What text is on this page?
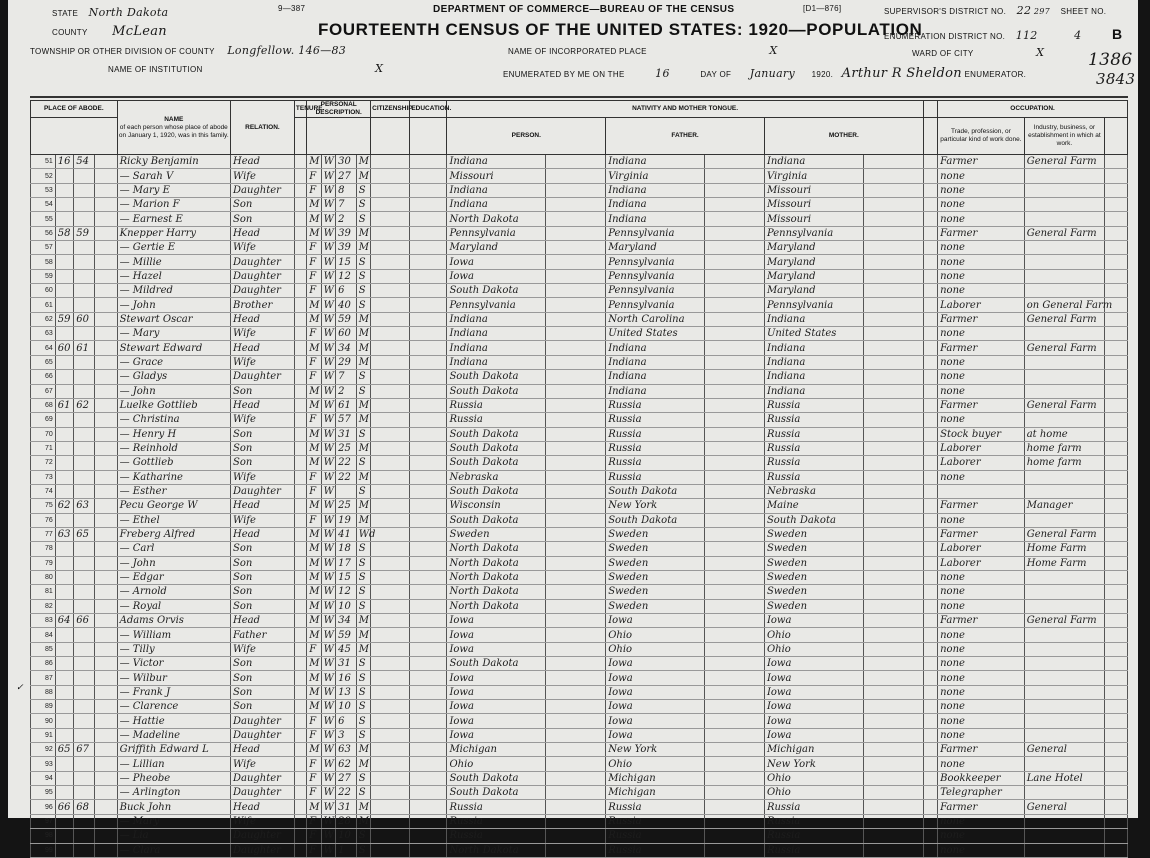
9—387	DEPARTMENT OF COMMERCE—BUREAU OF THE CENSUS	[D1—876]
FOURTEENTH CENSUS OF THE UNITED STATES: 1920—POPULATION
STATE North Dakota
COUNTY McLean
TOWNSHIP OR OTHER DIVISION OF COUNTY Longfellow. 146—83
NAME OF INSTITUTION	X
NAME OF INCORPORATED PLACE	X
ENUMERATED BY ME ON THE	16	DAY OF January 1920. Arthur R Sheldon ENUMERATOR.
SUPERVISOR'S DISTRICT NO. 22 297 SHEET NO.
ENUMERATION DISTRICT NO. 112	4 B
WARD OF CITY	X	1386
3843
PLACE OF ABODE.				NAME
of each person whose place of abode on January 1, 1920, was in this family.	RELATION.	TENURE.	PERSONAL DESCRIPTION.				CITIZENSHIP.	EDUCATION.	NATIVITY AND MOTHER TONGUE.							OCCUPATION.		
													PERSON.		FATHER.		MOTHER.			Trade, profession, or particular kind of work done.	Industry, business, or establishment in which at work.	
51	16	54		Ricky Benjamin	Head		M	W	30	M			Indiana		Indiana		Indiana			Farmer	General Farm	
52				— Sarah V	Wife		F	W	27	M			Missouri		Virginia		Virginia			none		
53				— Mary E	Daughter		F	W	8	S			Indiana		Indiana		Missouri			none		
54				— Marion F	Son		M	W	7	S			Indiana		Indiana		Missouri			none		
55				— Earnest E	Son		M	W	2	S			North Dakota		Indiana		Missouri			none		
56	58	59		Knepper Harry	Head		M	W	39	M			Pennsylvania		Pennsylvania		Pennsylvania			Farmer	General Farm	
57				— Gertie E	Wife		F	W	39	M			Maryland		Maryland		Maryland			none		
58				— Millie	Daughter		F	W	15	S			Iowa		Pennsylvania		Maryland			none		
59				— Hazel	Daughter		F	W	12	S			Iowa		Pennsylvania		Maryland			none		
60				— Mildred	Daughter		F	W	6	S			South Dakota		Pennsylvania		Maryland			none		
61				— John	Brother		M	W	40	S			Pennsylvania		Pennsylvania		Pennsylvania			Laborer	on General Farm	
62	59	60		Stewart Oscar	Head		M	W	59	M			Indiana		North Carolina		Indiana			Farmer	General Farm	
63				— Mary	Wife		F	W	60	M			Indiana		United States		United States			none		
64	60	61		Stewart Edward	Head		M	W	34	M			Indiana		Indiana		Indiana			Farmer	General Farm	
65				— Grace	Wife		F	W	29	M			Indiana		Indiana		Indiana			none		
66				— Gladys	Daughter		F	W	7	S			South Dakota		Indiana		Indiana			none		
67				— John	Son		M	W	2	S			South Dakota		Indiana		Indiana			none		
68	61	62		Luelke Gottlieb	Head		M	W	61	M			Russia		Russia		Russia			Farmer	General Farm	
69				— Christina	Wife		F	W	57	M			Russia		Russia		Russia			none		
70				— Henry H	Son		M	W	31	S			South Dakota		Russia		Russia			Stock buyer	at home	
71				— Reinhold	Son		M	W	25	M			South Dakota		Russia		Russia			Laborer	home farm	
72				— Gottlieb	Son		M	W	22	S			South Dakota		Russia		Russia			Laborer	home farm	
73				— Katharine	Wife		F	W	22	M			Nebraska		Russia		Russia			none		
74				— Esther	Daughter		F	W		S			South Dakota		South Dakota		Nebraska					
75	62	63		Pecu George W	Head		M	W	25	M			Wisconsin		New York		Maine			Farmer	Manager	
76				— Ethel	Wife		F	W	19	M			South Dakota		South Dakota		South Dakota			none		
77	63	65		Freberg Alfred	Head		M	W	41	Wd			Sweden		Sweden		Sweden			Farmer	General Farm	
78				— Carl	Son		M	W	18	S			North Dakota		Sweden		Sweden			Laborer	Home Farm	
79				— John	Son		M	W	17	S			North Dakota		Sweden		Sweden			Laborer	Home Farm	
80				— Edgar	Son		M	W	15	S			North Dakota		Sweden		Sweden			none		
81				— Arnold	Son		M	W	12	S			North Dakota		Sweden		Sweden			none		
82				— Royal	Son		M	W	10	S			North Dakota		Sweden		Sweden			none		
83	64	66		Adams Orvis	Head		M	W	34	M			Iowa		Iowa		Iowa			Farmer	General Farm	
84				— William	Father		M	W	59	M			Iowa		Ohio		Ohio			none		
85				— Tilly	Wife		F	W	45	M			Iowa		Ohio		Ohio			none		
86				— Victor	Son		M	W	31	S			South Dakota		Iowa		Iowa			none		
87				— Wilbur	Son		M	W	16	S			Iowa		Iowa		Iowa			none		
88				— Frank J	Son		M	W	13	S			Iowa		Iowa		Iowa			none		
89				— Clarence	Son		M	W	10	S			Iowa		Iowa		Iowa			none		
90				— Hattie	Daughter		F	W	6	S			Iowa		Iowa		Iowa			none		
91				— Madeline	Daughter		F	W	3	S			Iowa		Iowa		Iowa			none		
92	65	67		Griffith Edward L	Head		M	W	63	M			Michigan		New York		Michigan			Farmer	General	
93				— Lillian	Wife		F	W	62	M			Ohio		Ohio		New York			none		
94				— Pheobe	Daughter		F	W	27	S			South Dakota		Michigan		Ohio			Bookkeeper	Lane Hotel	
95				— Arlington	Daughter		F	W	22	S			South Dakota		Michigan		Ohio			Telegrapher		
96	66	68		Buck John	Head		M	W	31	M			Russia		Russia		Russia			Farmer	General	
97				— Mary	Wife		F	W	28	M			Russia		Russia		Russia			none		
98				— Lia	Daughter		F	W	10	S			Russia		Russia		Russia			none		
99				— Clara	Daughter		F	W	1	S			North Dakota		Russia		Russia			none		
✓
